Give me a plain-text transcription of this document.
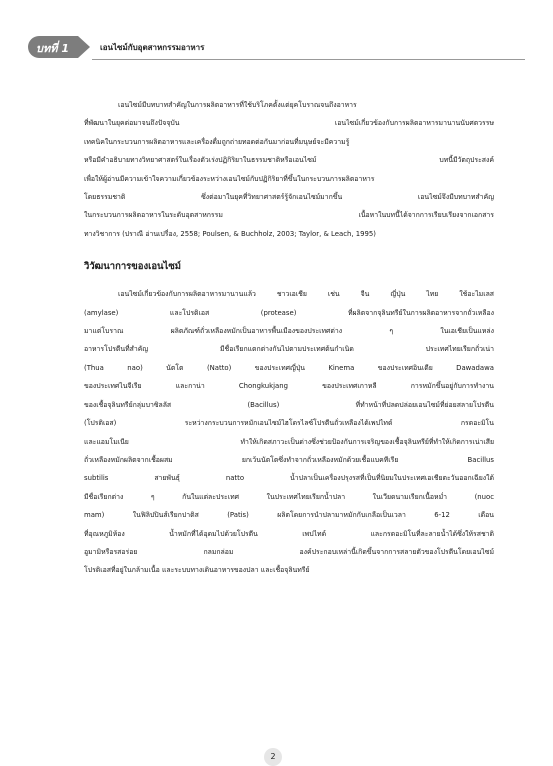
บทที่ 1	เอนไซม์กับอุตสาหกรรมอาหาร

เอนไซม์มีบทบาทสำคัญในการผลิตอาหารที่ใช้บริโภคตั้งแต่ยุคโบราณจนถึงอาหาร
ที่พัฒนาในยุคต่อมาจนถึงปัจจุบัน เอนไซม์เกี่ยวข้องกับการผลิตอาหารมานานนับศตวรรษ
เทคนิคในกระบวนการผลิตอาหารและเครื่องดื่มถูกถ่ายทอดต่อกันมาก่อนที่มนุษย์จะมีความรู้
หรือมีคำอธิบายทางวิทยาศาสตร์ในเรื่องตัวเร่งปฏิกิริยาในธรรมชาติหรือเอนไซม์ บทนี้มีวัตถุประสงค์
เพื่อให้ผู้อ่านมีความเข้าใจความเกี่ยวข้องระหว่างเอนไซม์กับปฏิกิริยาที่ขึ้นในกระบวนการผลิตอาหาร
โดยธรรมชาติ ซึ่งต่อมาในยุคที่วิทยาศาสตร์รู้จักเอนไซม์มากขึ้น เอนไซม์จึงมีบทบาทสำคัญ
ในกระบวนการผลิตอาหารในระดับอุตสาหกรรม เนื้อหาในบทนี้ได้จากการเรียบเรียงจากเอกสาร
ทางวิชาการ (ปราณี อ่านเปรื่อง, 2558; Poulsen, & Buchholz, 2003; Taylor, & Leach, 1995)

วิวัฒนาการของเอนไซม์

เอนไซม์เกี่ยวข้องกับการผลิตอาหารมานานแล้ว ชาวเอเชีย เช่น จีน ญี่ปุ่น ไทย ใช้อะไมเลส
(amylase) และโปรติเอส (protease) ที่ผลิตจากจุลินทรีย์ในการผลิตอาหารจากถั่วเหลือง
มาแต่โบราณ ผลิตภัณฑ์ถั่วเหลืองหมักเป็นอาหารพื้นเมืองของประเทศต่าง ๆ ในเอเชียเป็นแหล่ง
อาหารโปรตีนที่สำคัญ มีชื่อเรียกแตกต่างกันไปตามประเทศต้นกำเนิด ประเทศไทยเรียกถั่วเน่า
(Thua nao) นัตโต (Natto) ของประเทศญี่ปุ่น Kinema ของประเทศอินเดีย Dawadawa
ของประเทศไนจีเรีย และกาน่า Chongkukjang ของประเทศเกาหลี การหมักขึ้นอยู่กับการทำงาน
ของเชื้อจุลินทรีย์กลุ่มบาซิลลัส (Bacillus) ที่ทำหน้าที่ปลดปล่อยเอนไซม์ที่ย่อยสลายโปรตีน
(โปรติเอส) ระหว่างกระบวนการหมักเอนไซม์ไฮโดรไลซ์โปรตีนถั่วเหลืองได้เพปไทด์ กรดอะมิโน
และแอมโมเนีย ทำให้เกิดสภาวะเป็นด่างซึ่งช่วยป้องกันการเจริญของเชื้อจุลินทรีย์ที่ทำให้เกิดการเน่าเสีย
ถั่วเหลืองหมักผลิตจากเชื้อผสม ยกเว้นนัตโตซึ่งทำจากถั่วเหลืองหมักด้วยเชื้อแบคทีเรีย Bacillus
subtilis สายพันธุ์ natto น้ำปลาเป็นเครื่องปรุงรสที่เป็นที่นิยมในประเทศเอเชียตะวันออกเฉียงใต้
มีชื่อเรียกต่าง ๆ กันในแต่ละประเทศ ในประเทศไทยเรียกน้ำปลา ในเวียดนามเรียกเนื้อหม่ำ (nuoc
mam) ในฟิลิปปินส์เรียกปาติส (Patis) ผลิตโดยการนำปลามาหมักกับเกลือเป็นเวลา 6-12 เดือน
ที่อุณหภูมิห้อง น้ำหมักที่ได้อุดมไปด้วยโปรตีน เพปไทด์ และกรดอะมิโนที่ละลายน้ำได้ซึ่งให้รสชาติ
อูมามิหรือรสอร่อย กลมกล่อม องค์ประกอบเหล่านี้เกิดขึ้นจากการสลายตัวของโปรตีนโดยเอนไซม์
โปรติเอสที่อยู่ในกล้ามเนื้อ และระบบทางเดินอาหารของปลา และเชื้อจุลินทรีย์

2
